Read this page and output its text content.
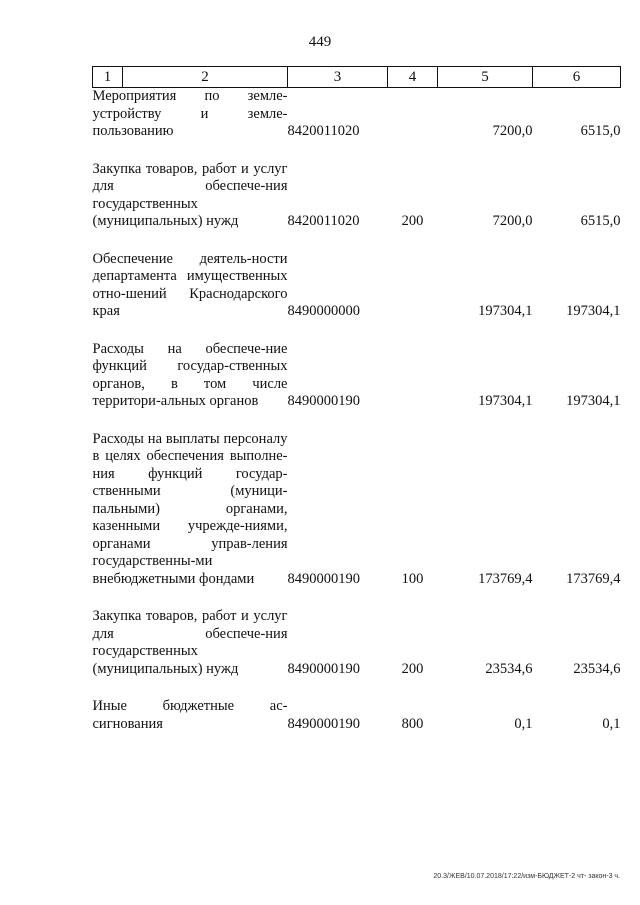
449
1	2	3	4	5	6

Мероприятия по земле-устройству и земле-пользованию		8420011020		7200,0	6515,0

Закупка товаров, работ и услуг для обеспече-ния государственных (муниципальных) нужд		8420011020	200	7200,0	6515,0

Обеспечение деятель-ности департамента имущественных отно-шений Краснодарского края		8490000000		197304,1	197304,1

Расходы на обеспече-ние функций государ-ственных органов, в том числе территори-альных органов		8490000190		197304,1	197304,1

Расходы на выплаты персоналу в целях обеспечения выполне-ния функций государ-ственными (муници-пальными) органами, казенными учрежде-ниями, органами управ-ления государственны-ми внебюджетными фондами		8490000190	100	173769,4	173769,4

Закупка товаров, работ и услуг для обеспече-ния государственных (муниципальных) нужд		8490000190	200	23534,6	23534,6

Иные бюджетные ас-сигнования		8490000190	800	0,1	0,1
20.3/ЖЕВ/10.07.2018/17:22/изм-БЮДЖЕТ-2 чт- закон-3 ч.
